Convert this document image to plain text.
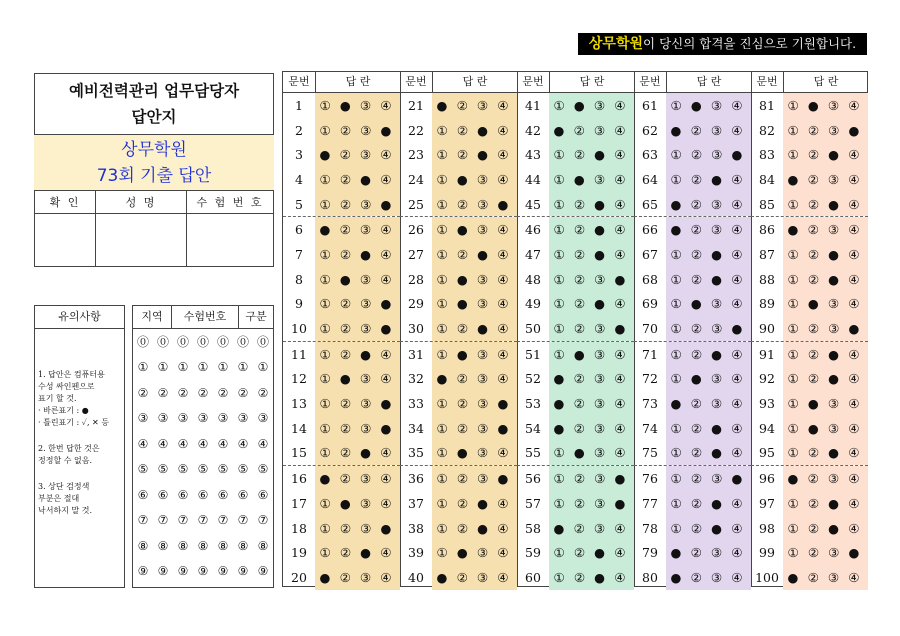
상무학원이 당신의 합격을 진심으로 기원합니다.
예비전력관리 업무담당자
답안지
상무학원
73회 기출 답안
확 인	성 명	수 험 번 호

유의사항
1. 답안은 컴퓨터용
수성 싸인펜으로
표기 할 것.
· 바른표기 : ●
· 틀린표기 : ✓, ✕ 등
2. 한번 답한 것은
정정할 수 없음.
3. 상단 검정색
부분은 절대
낙서하지 말 것.
지역	수험번호	구분
⓪ ⓪ ⓪ ⓪ ⓪ ⓪ ⓪
① ① ① ① ① ① ①
② ② ② ② ② ② ②
③ ③ ③ ③ ③ ③ ③
④ ④ ④ ④ ④ ④ ④
⑤ ⑤ ⑤ ⑤ ⑤ ⑤ ⑤
⑥ ⑥ ⑥ ⑥ ⑥ ⑥ ⑥
⑦ ⑦ ⑦ ⑦ ⑦ ⑦ ⑦
⑧ ⑧ ⑧ ⑧ ⑧ ⑧ ⑧
⑨ ⑨ ⑨ ⑨ ⑨ ⑨ ⑨
문번	답 란
1	① ● ③ ④
2	① ② ③ ●
3	● ② ③ ④
4	① ② ● ④
5	① ② ③ ●
6	● ② ③ ④
7	① ② ● ④
8	① ● ③ ④
9	① ② ③ ●
10	① ② ③ ●
11	① ② ● ④
12	① ● ③ ④
13	① ② ③ ●
14	① ② ③ ●
15	① ② ● ④
16	● ② ③ ④
17	① ● ③ ④
18	① ② ③ ●
19	① ② ● ④
20	● ② ③ ④
문번	답 란
21	● ② ③ ④
22	① ② ● ④
23	① ② ● ④
24	① ● ③ ④
25	① ② ③ ●
26	① ● ③ ④
27	① ② ● ④
28	① ● ③ ④
29	① ● ③ ④
30	① ② ● ④
31	① ● ③ ④
32	● ② ③ ④
33	① ② ③ ●
34	① ② ③ ●
35	① ● ③ ④
36	① ② ③ ●
37	① ② ● ④
38	① ② ● ④
39	① ● ③ ④
40	● ② ③ ④
문번	답 란
41	① ● ③ ④
42	● ② ③ ④
43	① ② ● ④
44	① ● ③ ④
45	① ② ● ④
46	① ② ● ④
47	① ② ● ④
48	① ② ③ ●
49	① ② ● ④
50	① ② ③ ●
51	① ● ③ ④
52	● ② ③ ④
53	● ② ③ ④
54	● ② ③ ④
55	① ● ③ ④
56	① ② ③ ●
57	① ② ③ ●
58	● ② ③ ④
59	① ② ● ④
60	① ② ● ④
문번	답 란
61	① ● ③ ④
62	● ② ③ ④
63	① ② ③ ●
64	① ② ● ④
65	● ② ③ ④
66	● ② ③ ④
67	① ② ● ④
68	① ② ● ④
69	① ● ③ ④
70	① ② ③ ●
71	① ② ● ④
72	① ● ③ ④
73	● ② ③ ④
74	① ② ● ④
75	① ② ● ④
76	① ② ③ ●
77	① ② ● ④
78	① ② ● ④
79	● ② ③ ④
80	● ② ③ ④
문번	답 란
81	① ● ③ ④
82	① ② ③ ●
83	① ② ● ④
84	● ② ③ ④
85	① ② ● ④
86	● ② ③ ④
87	① ② ● ④
88	① ② ● ④
89	① ● ③ ④
90	① ② ③ ●
91	① ② ● ④
92	① ② ● ④
93	① ● ③ ④
94	① ● ③ ④
95	① ② ● ④
96	● ② ③ ④
97	① ② ● ④
98	① ② ● ④
99	① ② ③ ●
100 ● ② ③ ④
